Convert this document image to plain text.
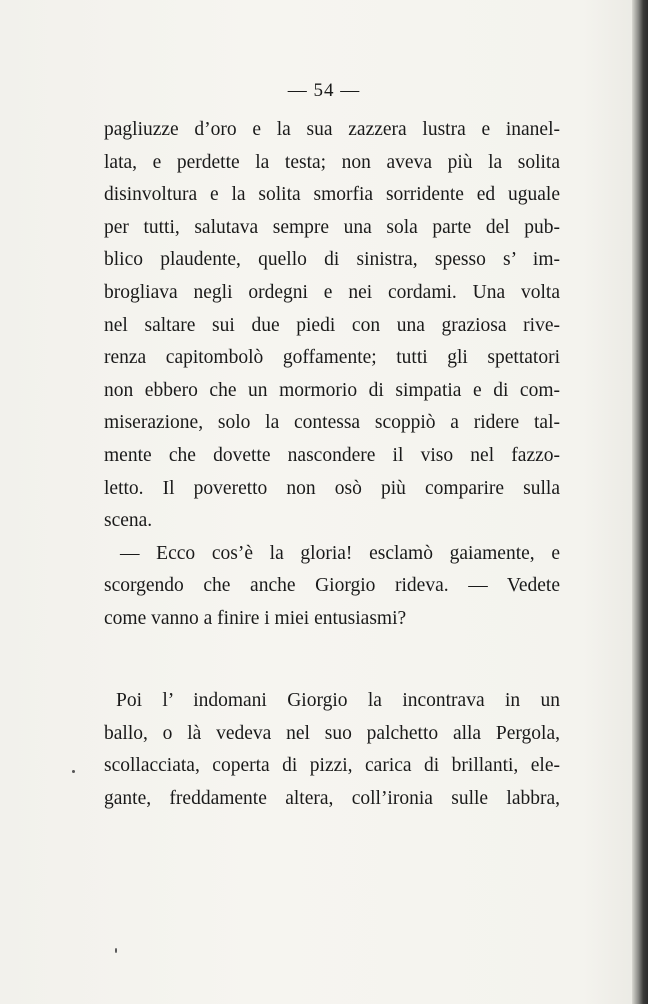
— 54 —
pagliuzze d’oro e la sua zazzera lustra e inanel-
lata, e perdette la testa; non aveva più la solita
disinvoltura e la solita smorfia sorridente ed uguale
per tutti, salutava sempre una sola parte del pub-
blico plaudente, quello di sinistra, spesso s’ im-
brogliava negli ordegni e nei cordami. Una volta
nel saltare sui due piedi con una graziosa rive-
renza capitombolò goffamente; tutti gli spettatori
non ebbero che un mormorio di simpatia e di com-
miserazione, solo la contessa scoppiò a ridere tal-
mente che dovette nascondere il viso nel fazzo-
letto. Il poveretto non osò più comparire sulla
scena.
— Ecco cos’è la gloria! esclamò gaiamente, e
scorgendo che anche Giorgio rideva. — Vedete
come vanno a finire i miei entusiasmi?
Poi l’ indomani Giorgio la incontrava in un
ballo, o là vedeva nel suo palchetto alla Pergola,
scollacciata, coperta di pizzi, carica di brillanti, ele-
gante, freddamente altera, coll’ironia sulle labbra,
